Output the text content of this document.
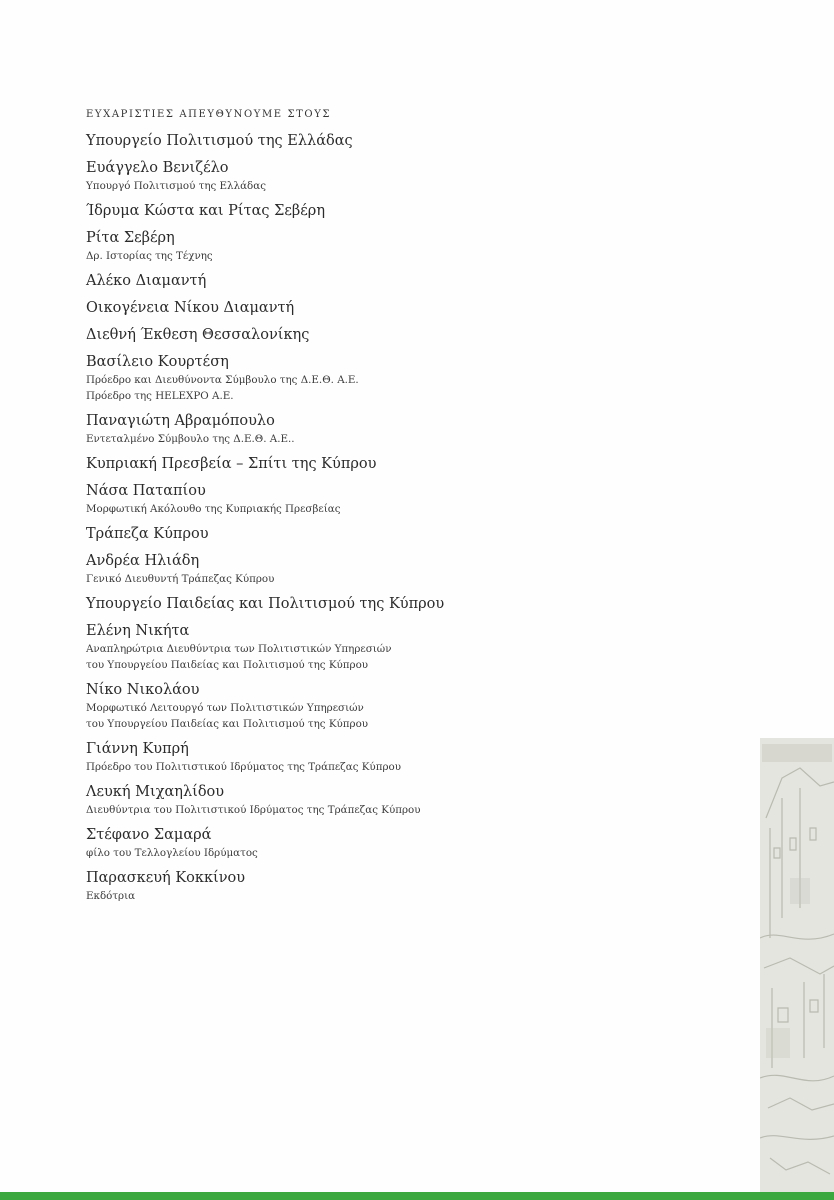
ΕΥΧΑΡΙΣΤΙΕΣ ΑΠΕΥΘΥΝΟΥΜΕ ΣΤΟΥΣ
Υπουργείο Πολιτισμού της Ελλάδας
Ευάγγελο Βενιζέλο
Υπουργό Πολιτισμού της Ελλάδας
Ίδρυμα Κώστα και Ρίτας Σεβέρη
Ρίτα Σεβέρη
Δρ. Ιστορίας της Τέχνης
Αλέκο Διαμαντή
Οικογένεια Νίκου Διαμαντή
Διεθνή Έκθεση Θεσσαλονίκης
Βασίλειο Κουρτέση
Πρόεδρο και Διευθύνοντα Σύμβουλο της Δ.Ε.Θ. Α.Ε.
Πρόεδρο της HELEXPO A.E.
Παναγιώτη Αβραμόπουλο
Εντεταλμένο Σύμβουλο της Δ.Ε.Θ. Α.Ε..
Κυπριακή Πρεσβεία – Σπίτι της Κύπρου
Νάσα Παταπίου
Μορφωτική Ακόλουθο της Κυπριακής Πρεσβείας
Τράπεζα Κύπρου
Ανδρέα Ηλιάδη
Γενικό Διευθυντή Τράπεζας Κύπρου
Υπουργείο Παιδείας και Πολιτισμού της Κύπρου
Ελένη Νικήτα
Αναπληρώτρια Διευθύντρια των Πολιτιστικών Υπηρεσιών
του Υπουργείου Παιδείας και Πολιτισμού της Κύπρου
Νίκο Νικολάου
Μορφωτικό Λειτουργό των Πολιτιστικών Υπηρεσιών
του Υπουργείου Παιδείας και Πολιτισμού της Κύπρου
Γιάννη Κυπρή
Πρόεδρο του Πολιτιστικού Ιδρύματος της Τράπεζας Κύπρου
Λευκή Μιχαηλίδου
Διευθύντρια του Πολιτιστικού Ιδρύματος της Τράπεζας Κύπρου
Στέφανο Σαμαρά
φίλο του Τελλογλείου Ιδρύματος
Παρασκευή Κοκκίνου
Εκδότρια
